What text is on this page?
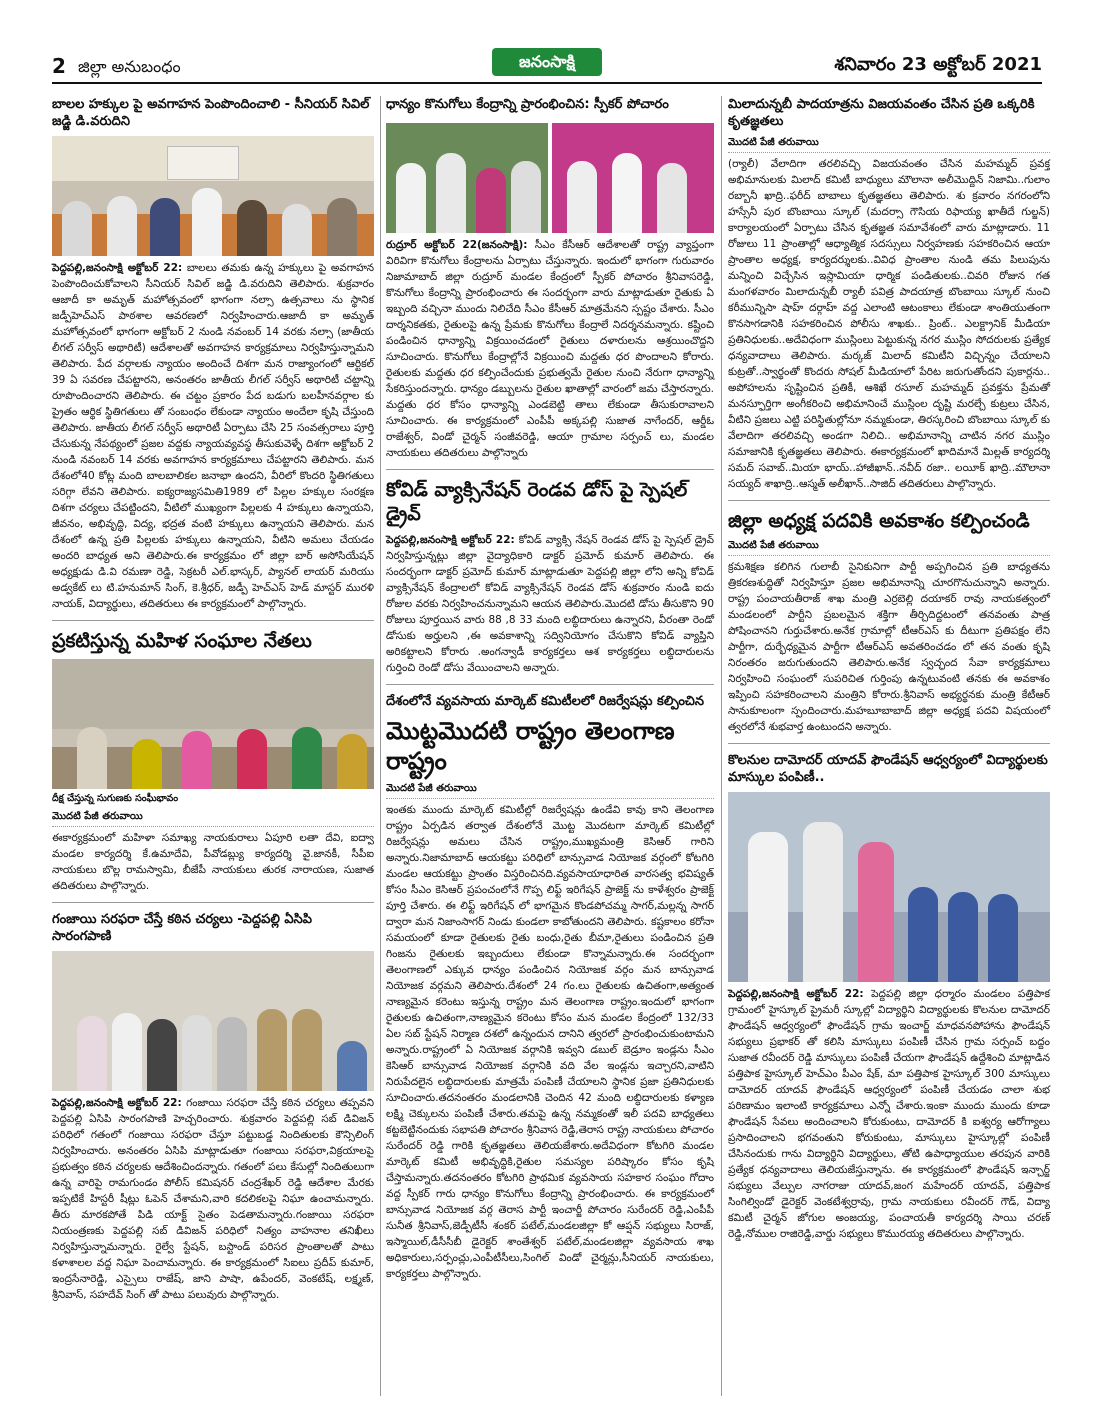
2 జిల్లా అనుబంధం	జనంసాక్షి	శనివారం 23 అక్టోబర్ 2021
బాలల హక్కుల పై అవగాహన పెంపొందించాలి - సీనియర్ సివిల్ జడ్జి డి.వరుదిని

పెద్దపల్లి,జనంసాక్షి అక్టోబర్ 22: బాలలు తమకు ఉన్న హక్కులు పై అవగాహన పెంపొందించుకోవాలని సీనియర్ సివిల్ జడ్జి డి.వరుదిని తెలిపారు. శుక్రవారం ఆజాదీ కా అమృత్ మహోత్సవంలో భాగంగా నల్సా ఉత్సవాలు ను స్థానిక జడ్పీహెచ్ఎస్ పాఠశాల ఆవరణలో నిర్వహించారు.ఆజాదీ కా అమృత్ మహోత్సవంలో భాగంగా అక్టోబర్ 2 నుండి నవంబర్ 14 వరకు నల్సా (జాతీయ లీగల్ సర్వీస్ అథారిటీ) ఆదేశాలతో అవగాహన కార్యక్రమాలు నిర్వహిస్తున్నామని తెలిపారు. పేద వర్గాలకు న్యాయం అందించే దిశగా మన రాజ్యాంగంలో ఆర్టికల్ 39 ఏ సవరణ చేపట్టారని, అనంతరం జాతీయ లీగల్ సర్వీస్ అథారిటీ చట్టాన్ని రూపొందించారని తెలిపారు. ఈ చట్టం ప్రకారం పేద బడుగు బలహీనవర్గాల కు ప్రైతం ఆర్థిక స్థితిగతులు తో సంబంధం లేకుండా న్యాయం అందేలా కృషి చేస్తుంది తెలిపారు. జాతీయ లీగల్ సర్వీస్ అథారిటీ ఏర్పాటు చేసి 25 సంవత్సరాలు పూర్తి చేసుకున్న నేపథ్యంలో ప్రజల వద్దకు న్యాయవ్యవస్థ తీసుకువెళ్ళే దిశగా అక్టోబర్ 2 నుండి నవంబర్ 14 వరకు అవగాహన కార్యక్రమాలు చేపట్టారని తెలిపారు. మన దేశంలో40 కోట్ల మంది బాలబాలికల జనాభా ఉందని, వీరిలో కొందరి స్థితిగతులు సరిగ్గా లేవని తెలిపారు. ఐక్యరాజ్యసమితి1989 లో పిల్లల హక్కుల సంరక్షణ దిశగా చర్యలు చేపట్టిందని, వీటిలో ముఖ్యంగా పిల్లలకు 4 హక్కులు ఉన్నాయని, జీవనం, అభివృద్ధి, విద్య, భద్రత వంటి హక్కులు ఉన్నాయని తెలిపారు. మన దేశంలో ఉన్న ప్రతి పిల్లలకు హక్కులు ఉన్నాయని, వీటిని అమలు చేయడం అందరి బాధ్యత అని తెలిపారు.ఈ కార్యక్రమం లో జిల్లా బార్ అసోసియేషన్ అధ్యక్షుడు డి.వి రమణా రెడ్డి, సెక్రటరీ ఎల్.భాస్కర్, ప్యానల్ లాయర్ మరియు అడ్వకేట్ లు టి.హనుమాన్ సింగ్, కె.శ్రీధర్, జడ్పీ హెచ్ఎస్ హెడ్ మాస్టర్ మురళి నాయక్, విద్యార్థులు, తదితరులు ఈ కార్యక్రమంలో పాల్గొన్నారు.

ప్రకటిస్తున్న మహిళ సంఘాల నేతలు
దీక్ష చేస్తున్న సుగుణకు సంఘీభావం
మొదటి పేజీ తరువాయి

ఈకార్యక్రమంలో మహిళా సమాఖ్య నాయకురాలు ఏపూరి లతా దేవి, ఐద్వా మండల కార్యదర్శి కే.ఉమాదేవి, పీవోడబ్ల్యు కార్యదర్శి వై.జానకీ, సీపీఐ నాయకులు బొల్ల రామస్వామి, బీజేపీ నాయకులు తురక నారాయణ, సుజాత తదితరులు పాల్గొన్నారు.

గంజాయి సరఫరా చేస్తే కఠిన చర్యలు -పెద్దపల్లి ఏసిపి సారంగపాణి

పెద్దపల్లి,జనంసాక్షి అక్టోబర్ 22: గంజాయి సరఫరా చేస్తే కఠిన చర్యలు తప్పవని పెద్దపల్లి ఏసిపి సారంగపాణి హెచ్చరించారు. శుక్రవారం పెద్దపల్లి సబ్ డివిజన్ పరిధిలో గతంలో గంజాయి సరఫరా చేస్తూ పట్టుబడ్డ నిందితులకు కౌన్సిలింగ్ నిర్వహించారు. అనంతరం ఏసిపి మాట్లాడుతూ గంజాయి సరఫరా,విక్రయాలపై ప్రభుత్వం కఠిన చర్యలకు ఆదేశించిందన్నారు. గతంలో పలు కేసుల్లో నిందితులుగా ఉన్న వారిపై రామగుండం పోలీస్ కమిషనర్ చంద్రశేఖర్ రెడ్డి ఆదేశాల మేరకు ఇప్పటికే హిస్టరీ షీట్లు ఓపెన్ చేశామని,వారి కదలికలపై నిఘా ఉంచామన్నారు. తీరు మారకపోతే పిడి యాక్ట్ సైతం పెడతామన్నారు.గంజాయి సరఫరా నియంత్రణకు పెద్దపల్లి సబ్ డివిజన్ పరిధిలో నిత్యం వాహనాల తనిఖీలు నిర్వహిస్తున్నామన్నారు. రైల్వే స్టేషన్, బస్టాండ్ పరిసర ప్రాంతాలతో పాటు కళాశాలల వద్ద నిఘా పెంచామన్నారు. ఈ కార్యక్రమంలో సిఐలు ప్రదీప్ కుమార్, ఇంద్రసేనారెడ్డి, ఎస్సైలు రాజేష్, జాని పాషా, ఉపేందర్, వెంకటేష్, లక్ష్మణ్, శ్రీనివాస్, సహదేవ్ సింగ్ తో పాటు పలువురు పాల్గొన్నారు.

ధాన్యం కొనుగోలు కేంద్రాన్ని ప్రారంభించిన: స్పీకర్ పోచారం

రుద్రూర్ అక్టోబర్ 22(జనంసాక్షి): సీఎం కేసీఆర్ ఆదేశాలతో రాష్ట్ర వ్యాప్తంగా విరివిగా కొనుగోలు కేంద్రాలను ఏర్పాటు చేస్తున్నారు. ఇందులో భాగంగా గురువారం నిజామాబాద్ జిల్లా రుద్రూర్ మండల కేంద్రంలో స్పీకర్ పోచారం శ్రీనివాసరెడ్డి, కొనుగోలు కేంద్రాన్ని ప్రారంభించారు ఈ సందర్భంగా వారు మాట్లాడుతూ రైతుకు ఏ ఇబ్బంది వచ్చినా ముందు నిలిచేది సీఎం కేసీఆర్ మాత్రమేనని స్పష్టం చేశారు. సీఎం దార్శనికతకు, రైతులపై ఉన్న ప్రేమకు కొనుగోలు కేంద్రాలే నిదర్శనమన్నారు. కష్టించి పండించిన ధాన్యాన్ని విక్రయించడంలో రైతులు దళారులను ఆశ్రయించొద్దని సూచించారు. కొనుగోలు కేంద్రాల్లోనే విక్రయించి మద్దతు ధర పొందాలని కోరారు. రైతులకు మద్దతు ధర కల్పించేందుకు ప్రభుత్వమే రైతుల నుంచి నేరుగా ధాన్యాన్ని సేకరిస్తుందన్నారు. ధాన్యం డబ్బులను రైతుల ఖాతాల్లో వారంలో జమ చేస్తారన్నారు. మద్దతు ధర కోసం ధాన్యాన్ని ఎండబెట్టి తాలు లేకుండా తీసుకురావాలని సూచించారు. ఈ కార్యక్రమంలో ఎంపీపీ అక్కపల్లి సుజాత నాగేందర్, ఆర్డీఓ రాజేశ్వర్, విండో చైర్మన్ సంజీవరెడ్డి, ఆయా గ్రామాల సర్పంచ్ లు, మండల నాయకులు తదితరులు పాల్గొన్నారు

కోవిడ్ వ్యాక్సినేషన్ రెండవ డోస్ పై స్పెషల్ డ్రైవ్

పెద్దపల్లి,జనంసాక్షి అక్టోబర్ 22: కోవిడ్ వ్యాక్సి నేషన్ రెండవ డోస్ పై స్పెషల్ డ్రైవ్ నిర్వహిస్తున్నట్లు జిల్లా వైద్యాధికారి డాక్టర్ ప్రమోద్ కుమార్ తెలిపారు. ఈ సందర్భంగా డాక్టర్ ప్రమోద్ కుమార్ మాట్లాడుతూ పెద్దపల్లి జిల్లా లోని అన్ని కోవిడ్ వ్యాక్సినేషన్ కేంద్రాలలో కోవిడ్ వ్యాక్సినేషన్ రెండవ డోస్ శుక్రవారం నుండి ఐదు రోజుల వరకు నిర్వహించనున్నామని ఆయన తెలిపారు.మొదటి డోసు తీసుకొని 90 రోజులు పూర్తయిన వారు 88 ,8 33 మంది లబ్ధిదారులు ఉన్నారని, వీరంతా రెండో డోసుకు అర్హులని ,ఈ అవకాశాన్ని సద్వినియోగం చేసుకొని కోవిడ్ వ్యాప్తిని అరికట్టాలని కోరారు .అంగన్వాడీ కార్యకర్తలు ఆశ కార్యకర్తలు లబ్ధిదారులను గుర్తించి రెండో డోసు వేయించాలని అన్నారు.

దేశంలోనే వ్యవసాయ మార్కెట్ కమిటీలలో రిజర్వేషన్లు కల్పించిన
మొట్టమొదటి రాష్ట్రం తెలంగాణ రాష్ట్రం
మొదటి పేజీ తరువాయి

ఇంతకు ముందు మార్కెట్ కమిటీల్లో రిజర్వేషన్లు ఉండేవి కావు కాని తెలంగాణ రాష్ట్రం ఏర్పడిన తర్వాత దేశంలోనే మొట్ట మొదటగా మార్కెట్ కమిటీల్లో రిజర్వేషన్లు అమలు చేసిన రాష్ట్రం,ముఖ్యమంత్రి కెసిఆర్ గారిని అన్నారు.నిజామాబాద్ ఆయకట్టు పరిధిలో బాన్సువాడ నియోజక వర్గంలో కోటగిరి మండల ఆయకట్టు ప్రాంతం విస్తరించినది.వ్యవసాయాధారిత వారసత్వ భవిష్యత్ కోసం సీఎం కెసిఆర్ ప్రపంచంలోనే గొప్ప లిఫ్ట్ ఇరిగేషన్ ప్రాజెక్ట్ ను కాళేశ్వరం ప్రాజెక్ట్ పూర్తి చేశారు. ఈ లిఫ్ట్ ఇరిగేషన్ లో భాగమైన కొండపోచమ్మ సాగర్,మల్లన్న సాగర్ ద్వారా మన నిజాంసాగర్ నిండు కుండలా కాబోతుందని తెలిపారు. కష్టకాలం కరోనా సమయంలో కూడా రైతులకు రైతు బంధు,రైతు బీమా,రైతులు పండించిన ప్రతి గింజను రైతులకు ఇబ్బందులు లేకుండా కొన్నామన్నారు.ఈ సందర్భంగా తెలంగాణలో ఎక్కువ ధాన్యం పండించిన నియోజక వర్గం మన బాన్సువాడ నియోజక వర్గమని తెలిపారు.దేశంలో 24 గం.లు రైతులకు ఉచితంగా,అత్యంత నాణ్యమైన కరెంటు ఇస్తున్న రాష్ట్రం మన తెలంగాణ రాష్ట్రం.ఇందులో భాగంగా రైతులకు ఉచితంగా,నాణ్యమైన కరెంటు కోసం మన మండల కేంద్రంలో 132/33 ఏల సబ్ స్టేషన్ నిర్మాణ దశలో ఉన్నందున దానిని త్వరలో ప్రారంభించుకుంటామని అన్నారు.రాష్ట్రంలో ఏ నియోజక వర్గానికి ఇవ్వని డబుల్ బెడ్రూం ఇండ్లను సీఎం కెసిఆర్ బాన్సువాడ నియోజక వర్గానికి వది వేల ఇండ్లను ఇచ్చారని,వాటిని నిరుపేదలైన లబ్ధిదారులకు మాత్రమే పంపిణీ చేయాలని స్థానిక ప్రజా ప్రతినిధులకు సూచించారు.తదనంతరం మండలానికి చెందిన 42 మంది లబ్ధిదారులకు కళ్యాణ లక్ష్మి చెక్కులను పంపిణీ చేశారు.తమపై ఉన్న నమ్మకంతో ఇలీ పదవి బాధ్యతలు కట్టబెట్టినందుకు సభాపతి పోచారం శ్రీనివాస రెడ్డి,తెరాస రాష్ట్ర నాయకులు పోచారం సురేందర్ రెడ్డి గారికి కృతజ్ఞతలు తెలియజేశారు.అదేవిధంగా కోటగిరి మండల మార్కెట్ కమిటీ అభివృద్ధికి,రైతుల సమస్యల పరిష్కారం కోసం కృషి చేస్తామన్నారు.తదనంతరం కోటగిరి ప్రాథమిక వ్యవసాయ సహకార సంఘం గోదాం వద్ద స్పీకర్ గారు ధాన్యం కొనుగోలు కేంద్రాన్ని ప్రారంభించారు. ఈ కార్యక్రమంలో బాన్సువాడ నియోజక వర్గ తెరాస పార్టీ ఇంచార్జీ పోచారం సురేందర్ రెడ్డి,ఎంపీపీ సునీత శ్రీనివాస్,జెడ్పీటీసీ శంకర్ పటేల్,మండలజిల్లా కో ఆప్షన్ సభ్యులు సిరాజ్, ఇస్మాయిల్,డీసీసీబీ డైరెక్టర్ శాంతేశ్వర్ పటేల్,మండలజిల్లా వ్యవసాయ శాఖ అధికారులు,సర్పంచ్లు,ఎంపీటీసీలు,సింగిల్ విండో చైర్మన్లు,సీనియర్ నాయకులు, కార్యకర్తలు పాల్గొన్నారు.

మిలాదున్నబీ పాదయాత్రను విజయవంతం చేసిన ప్రతి ఒక్కరికి కృతజ్ఞతలు
మొదటి పేజీ తరువాయి

(ర్యాలీ) వేలాదిగా తరలివచ్చి విజయవంతం చేసిన మహమ్మద్ ప్రవక్త అభిమానులకు మిలాద్ కమిటీ బాధ్యులు మౌలానా అలీమొద్దిన్ నిజామి..గులాం రబ్బానీ ఖాద్రి..ఫరీద్ బాబాలు కృతజ్ఞతలు తెలిపారు. శు క్రవారం నగరంలోని హస్సేనీ పుర బొంబాయి స్కూల్ (మదర్సా గౌసియ రిఫాయ్య ఖాతీదే గుల్జన్) కార్యాలయంలో ఏర్పాటు చేసిన కృతజ్ఞత సమావేశంలో వారు మాట్లాడారు. 11 రోజులు 11 ప్రాంతాల్లో ఆధ్యాత్మిక సదస్సులు నిర్వహణకు సహకరించిన ఆయా ప్రాంతాల అధ్యక్ష, కార్యదర్శులకు..వివిధ ప్రాంతాల నుండి తమ పిలుపును మన్నించి విచ్చేసిన ఇస్లామియా ధార్మిక పండితులకు..చివరి రోజున గత మంగళవారం మిలాదున్నబీ ర్యాలీ పవిత్ర పాదయాత్ర బొంబాయి స్కూల్ నుంచి కరీమున్నిసా షాహ్ దర్గాహ్ వద్ద ఎలాంటి ఆటంకాలు లేకుండా శాంతియుతంగా కొనసాగడానికి సహకరించిన పోలీసు శాఖకు.. ప్రింట్.. ఎలక్ట్రానిక్ మీడియా ప్రతినిధులకు..అదేవిధంగా ముస్లింలు పెట్టుకున్న నగర ముస్లిం సోదరులకు ప్రత్యేక ధన్యవాదాలు తెలిపారు. మర్కజ్ మిలాద్ కమిటీని విచ్చిన్నం చేయాలని కుట్రతో..స్వార్థంతో కొందరు సోషల్ మీడియాలో పేరిట జరుగుతోందని పుకార్లను.. అపోహలను సృష్టించిన ప్రతికీ, ఆశిఖే రసూల్ మహమ్మద్ ప్రవక్తను ప్రేమతో మనస్ఫూర్తిగా అంగీకరించి అభిమానించే ముస్లింల దృష్టి మరల్చే కుట్రలు చేసిన, వీటిని ప్రజలు ఎట్టి పరిస్థితుల్లోనూ నమ్మకుండా, తిరస్కరించి బొంబాయి స్కూల్ కు వేలాదిగా తరలివచ్చి అండగా నిలిచి.. అభిమానాన్ని చాటిన నగర ముస్లిం సమాజానికి కృతజ్ఞతలు తెలిపారు. ఈకార్యక్రమంలో ఖాదిమానే మిల్లత్ కార్యదర్శి సమద్ సవాబ్..మియా భాయ్..హాజీఖాన్..నవీద్ రజా.. లయీక్ ఖాద్రి..మౌలానా సయ్యద్ శాఖాద్రి..ఆస్మత్ అలీఖాన్..సాజిద్ తదితరులు పాల్గొన్నారు.

జిల్లా అధ్యక్ష పదవికి అవకాశం కల్పించండి
మొదటి పేజీ తరువాయి

క్రమశిక్షణ కలిగిన గులాబీ సైనికునిగా పార్టీ అప్పగించిన ప్రతి బాధ్యతను త్రికరణశుద్ధితో నిర్వహిస్తూ ప్రజల అభిమానాన్ని చూరగొనుచున్నాని అన్నారు. రాష్ట్ర పంచాయతీరాజ్ శాఖ మంత్రి ఎర్రబెల్లి దయాకర్ రావు నాయకత్వంలో మండలంలో పార్టీని ప్రబలమైన శక్తిగా తీర్చిదిద్దటంలో తనవంతు పాత్ర పోషించానని గుర్తుచేశారు.అనేక గ్రామాల్లో టీఆర్ఎస్ కు దీటుగా ప్రతిపక్షం లేని పార్టీగా, దుర్భేధ్యమైన పార్టీగా టీఆర్ఎస్ అవతరించడం లో తన వంతు కృషి నిరంతరం జరుగుతుందని తెలిపారు.అనేక స్వచ్ఛంద సేవా కార్యక్రమాలు నిర్వహించి సంఘంలో సుపరిచిత గుర్తింపు ఉన్నటువంటి తనకు ఈ అవకాశం ఇప్పించి సహకరించాలని మంత్రిని కోరారు.శ్రీనివాస్ అభ్యర్థనకు మంత్రి కేటీఆర్ సానుకూలంగా స్పందించారు.మహబూబాబాద్ జిల్లా అధ్యక్ష పదవి విషయంలో త్వరలోనే శుభవార్త ఉంటుందని అన్నారు.

కొలనుల దామోదర్ యాదవ్ ఫౌండేషన్ ఆధ్వర్యంలో విద్యార్థులకు మాస్కుల పంపిణీ..

పెద్దపల్లి,జనంసాక్షి అక్టోబర్ 22: పెద్దపల్లి జిల్లా ధర్మారం మండలం పత్తిపాక గ్రామంలో హైస్కూల్ ప్రైమరీ స్కూల్లో విద్యార్థిని విద్యార్థులకు కొలనుల దామోదర్ ఫౌండేషన్ ఆధ్వర్యంలో ఫౌండేషన్ గ్రామ ఇంచార్జ్ మాధవనపోహాను ఫౌండేషన్ సభ్యులు ప్రభాకర్ తో కలిసి మాస్కులు పంపిణీ చేసిన గ్రామ సర్పంచ్ బద్దం సుజాత రవీందర్ రెడ్డి మాస్కులు పంపిణీ చేయగా ఫౌండేషన్ ఉద్దేశించి మాట్లాడిన పత్తిపాక హైస్కూల్ హెచ్ఎం పీఎం షేక్, మా పత్తిపాక హైస్కూల్ 300 మాస్కులు దామోదర్ యాదవ్ ఫౌండేషన్ ఆధ్వర్యంలో పంపిణీ చేయడం చాలా శుభ పరిణామం ఇలాంటి కార్యక్రమాలు ఎన్నో చేశారు.ఇంకా ముందు ముందు కూడా ఫౌండేషన్ సేవలు అందించాలని కోరుకుంటు, దామోదర్ కి ఐశ్వర్య ఆరోగ్యాలు ప్రసాదించాలని భగవంతుని కోరుకుంటు, మాస్కులు హైస్కూల్లో పంపిణీ చేసినందుకు గాను విద్యార్థిని విద్యార్థులు, తోటి ఉపాధ్యాయుల తరపున వారికి ప్రత్యేక ధన్యవాదాలు తెలియజేస్తున్నాను. ఈ కార్యక్రమంలో ఫౌండేషన్ ఇన్చార్జ్ సభ్యులు వేల్పుల నాగరాజు యాదవ్,జంగ మహేందర్ యాదవ్, పత్తిపాక సింగిల్విండో డైరెక్టర్ వెంకటేశ్వర్రావు, గ్రామ నాయకులు రవీందర్ గౌడ్, విద్యా కమిటీ చైర్మన్ జోగుల అంజయ్య, పంచాయతీ కార్యదర్శి సాయి చరణ్ రెడ్డి,నోముల రాజిరెడ్డి,వార్డు సభ్యులు కొమురయ్య తదితరులు పాల్గొన్నారు.
